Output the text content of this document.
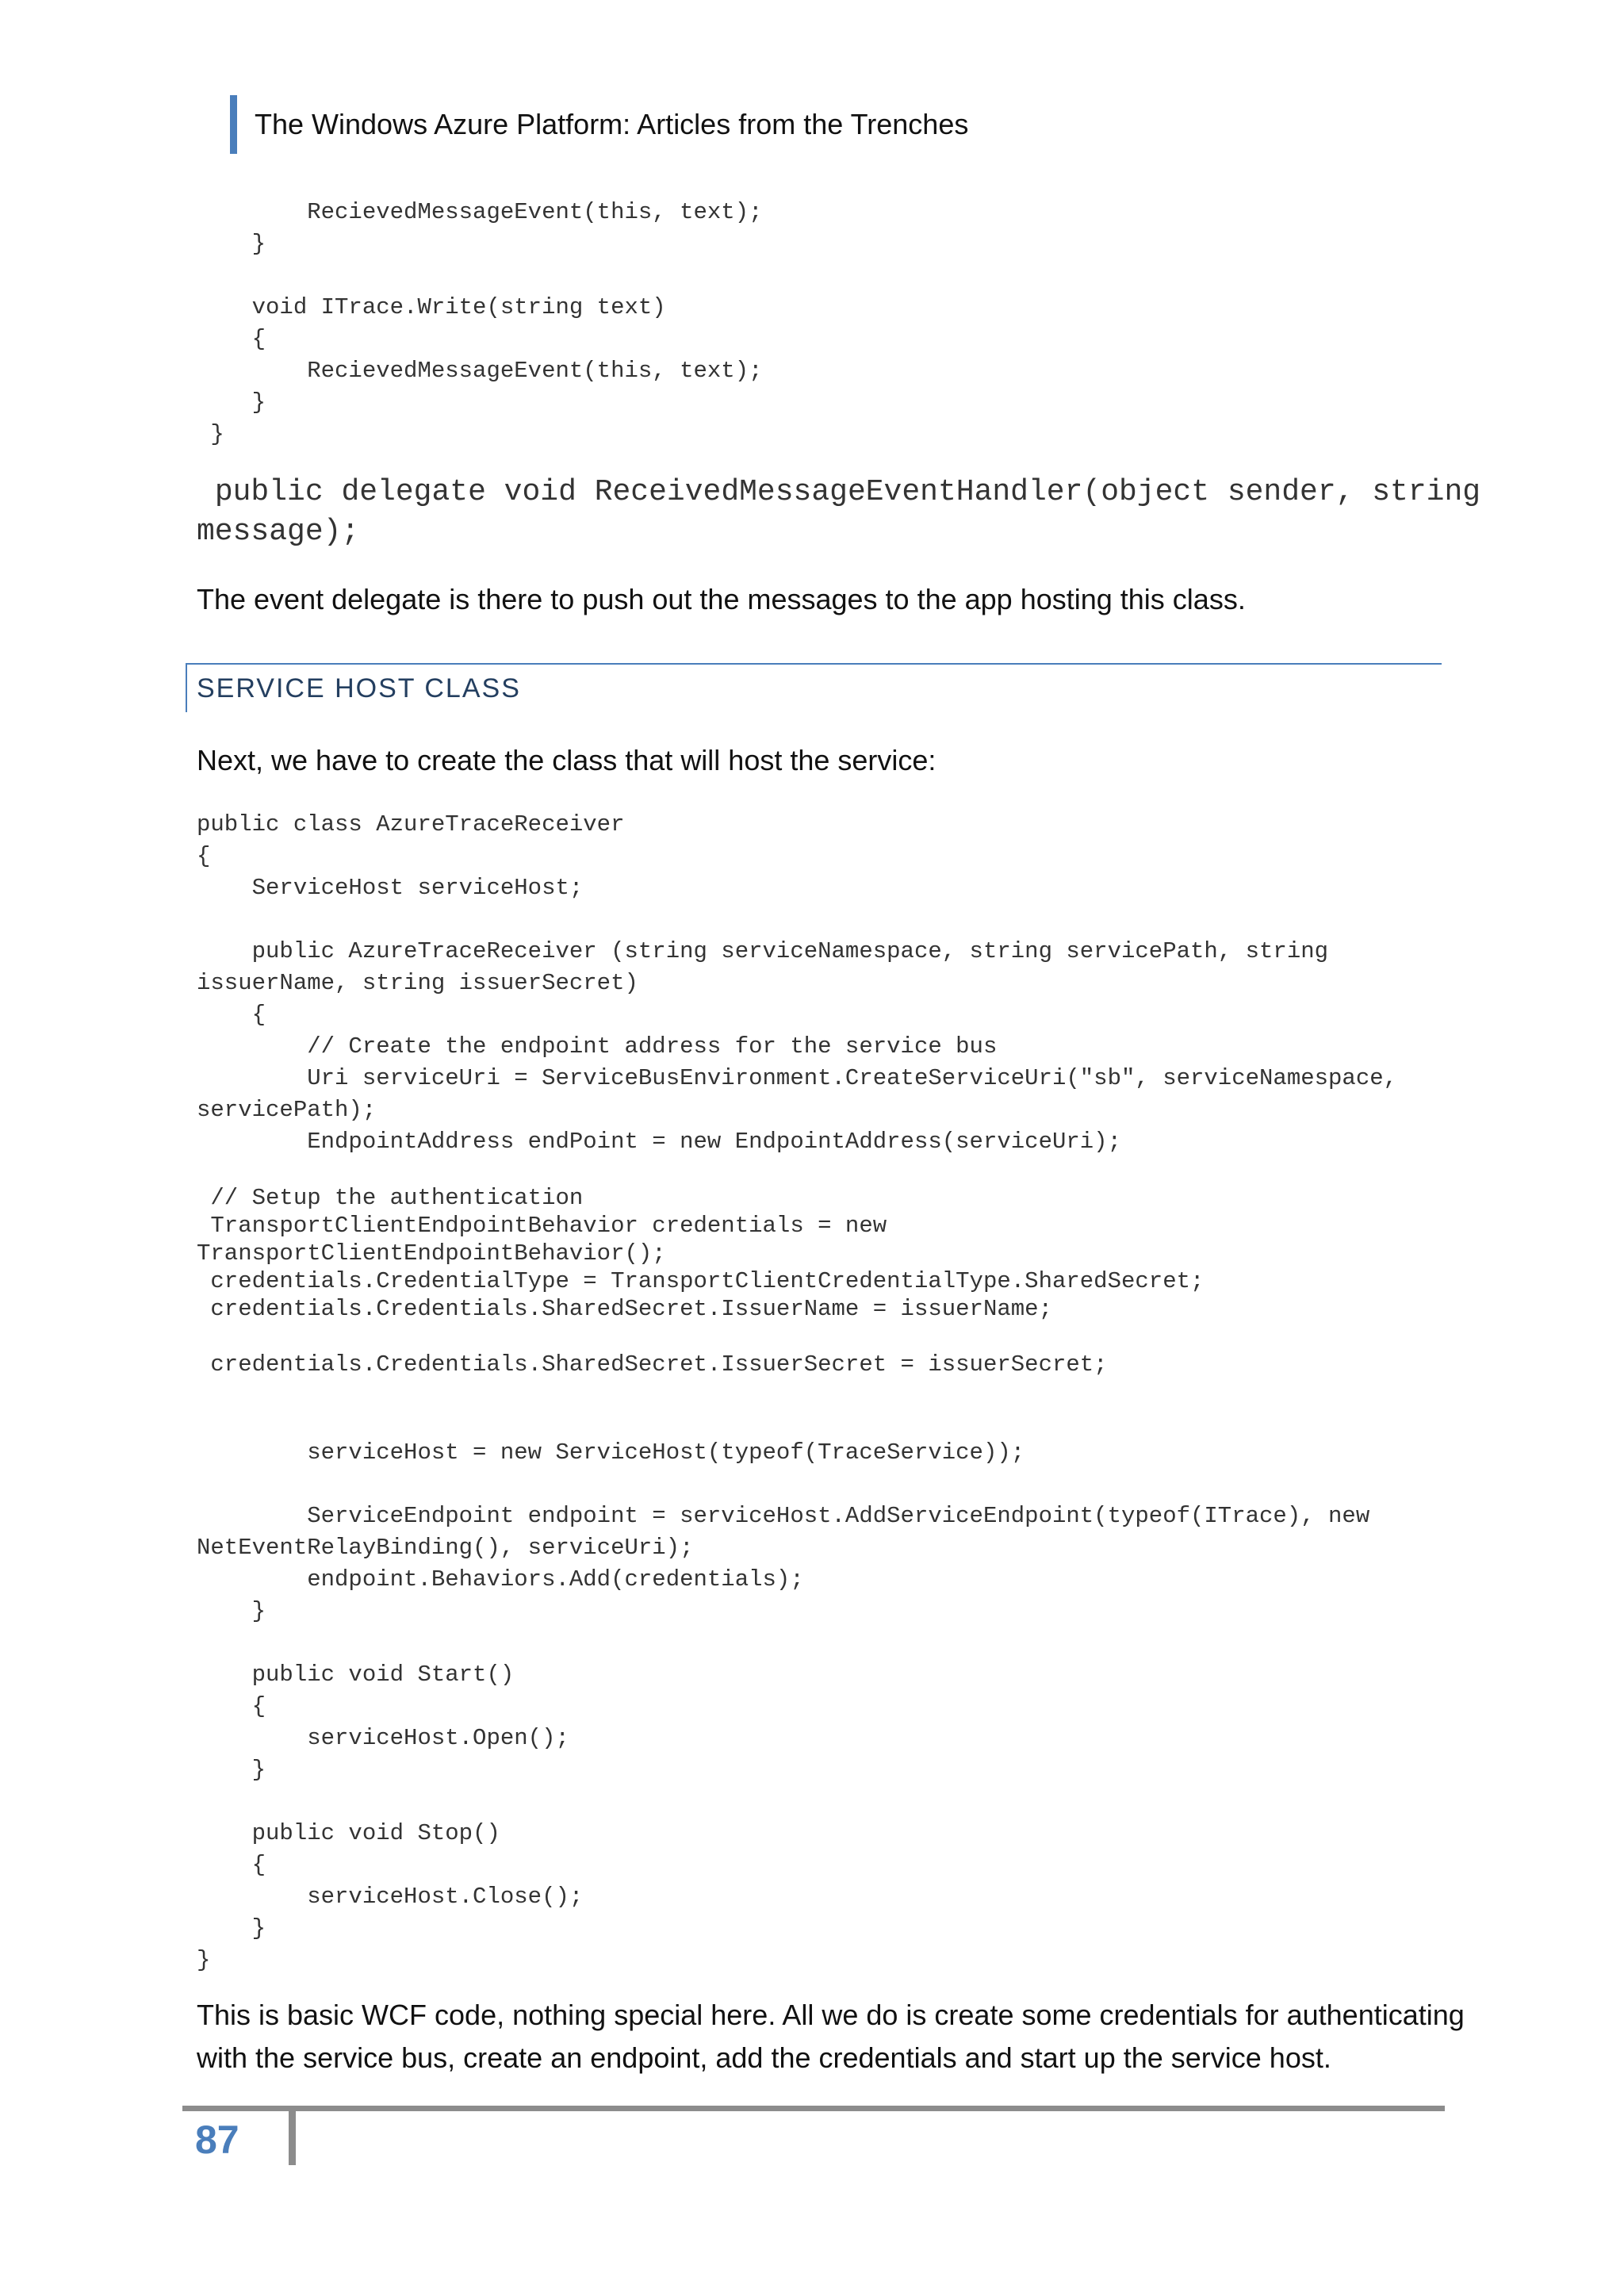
The Windows Azure Platform: Articles from the Trenches
RecievedMessageEvent(this, text);
}

void ITrace.Write(string text)
{
RecievedMessageEvent(this, text);
}
}
public delegate void ReceivedMessageEventHandler(object sender, string message);

The event delegate is there to push out the messages to the app hosting this class.

SERVICE HOST CLASS

Next, we have to create the class that will host the service:

public class AzureTraceReceiver
{
ServiceHost serviceHost;

public AzureTraceReceiver (string serviceNamespace, string servicePath, string
issuerName, string issuerSecret)
{
// Create the endpoint address for the service bus
Uri serviceUri = ServiceBusEnvironment.CreateServiceUri("sb", serviceNamespace,
servicePath);
EndpointAddress endPoint = new EndpointAddress(serviceUri);
// Setup the authentication
TransportClientEndpointBehavior credentials = new
TransportClientEndpointBehavior();
credentials.CredentialType = TransportClientCredentialType.SharedSecret;
credentials.Credentials.SharedSecret.IssuerName = issuerName;

credentials.Credentials.SharedSecret.IssuerSecret = issuerSecret;
serviceHost = new ServiceHost(typeof(TraceService));

ServiceEndpoint endpoint = serviceHost.AddServiceEndpoint(typeof(ITrace), new
NetEventRelayBinding(), serviceUri);
endpoint.Behaviors.Add(credentials);
}

public void Start()
{
serviceHost.Open();
}

public void Stop()
{
serviceHost.Close();
}
}

This is basic WCF code, nothing special here. All we do is create some credentials for authenticating with the service bus, create an endpoint, add the credentials and start up the service host.

87
